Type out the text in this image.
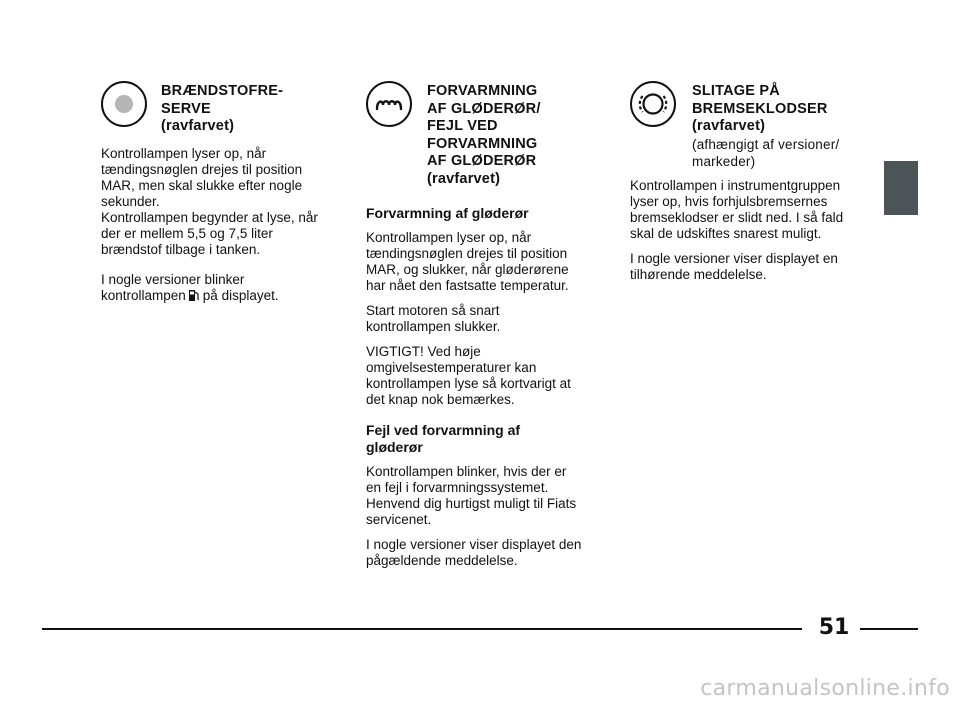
BRÆNDSTOFRE-
SERVE
(ravfarvet)

Kontrollampen lyser op, når
tændingsnøglen drejes til position
MAR, men skal slukke efter nogle
sekunder.
Kontrollampen begynder at lyse, når
der er mellem 5,5 og 7,5 liter
brændstof tilbage i tanken.

I nogle versioner blinker
kontrollampen på displayet.

FORVARMNING
AF GLØDERØR/
FEJL VED
FORVARMNING
AF GLØDERØR
(ravfarvet)
Forvarmning af gløderør

Kontrollampen lyser op, når
tændingsnøglen drejes til position
MAR, og slukker, når gløderørene
har nået den fastsatte temperatur.

Start motoren så snart
kontrollampen slukker.

VIGTIGT! Ved høje
omgivelsestemperaturer kan
kontrollampen lyse så kortvarigt at
det knap nok bemærkes.

Fejl ved forvarmning af
gløderør

Kontrollampen blinker, hvis der er
en fejl i forvarmningssystemet.
Henvend dig hurtigst muligt til Fiats
servicenet.

I nogle versioner viser displayet den
pågældende meddelelse.

SLITAGE PÅ
BREMSEKLODSER
(ravfarvet)
(afhængigt af versioner/
markeder)

Kontrollampen i instrumentgruppen
lyser op, hvis forhjulsbremsernes
bremseklodser er slidt ned. I så fald
skal de udskiftes snarest muligt.

I nogle versioner viser displayet en
tilhørende meddelelse.

51
carmanualsonline.info
